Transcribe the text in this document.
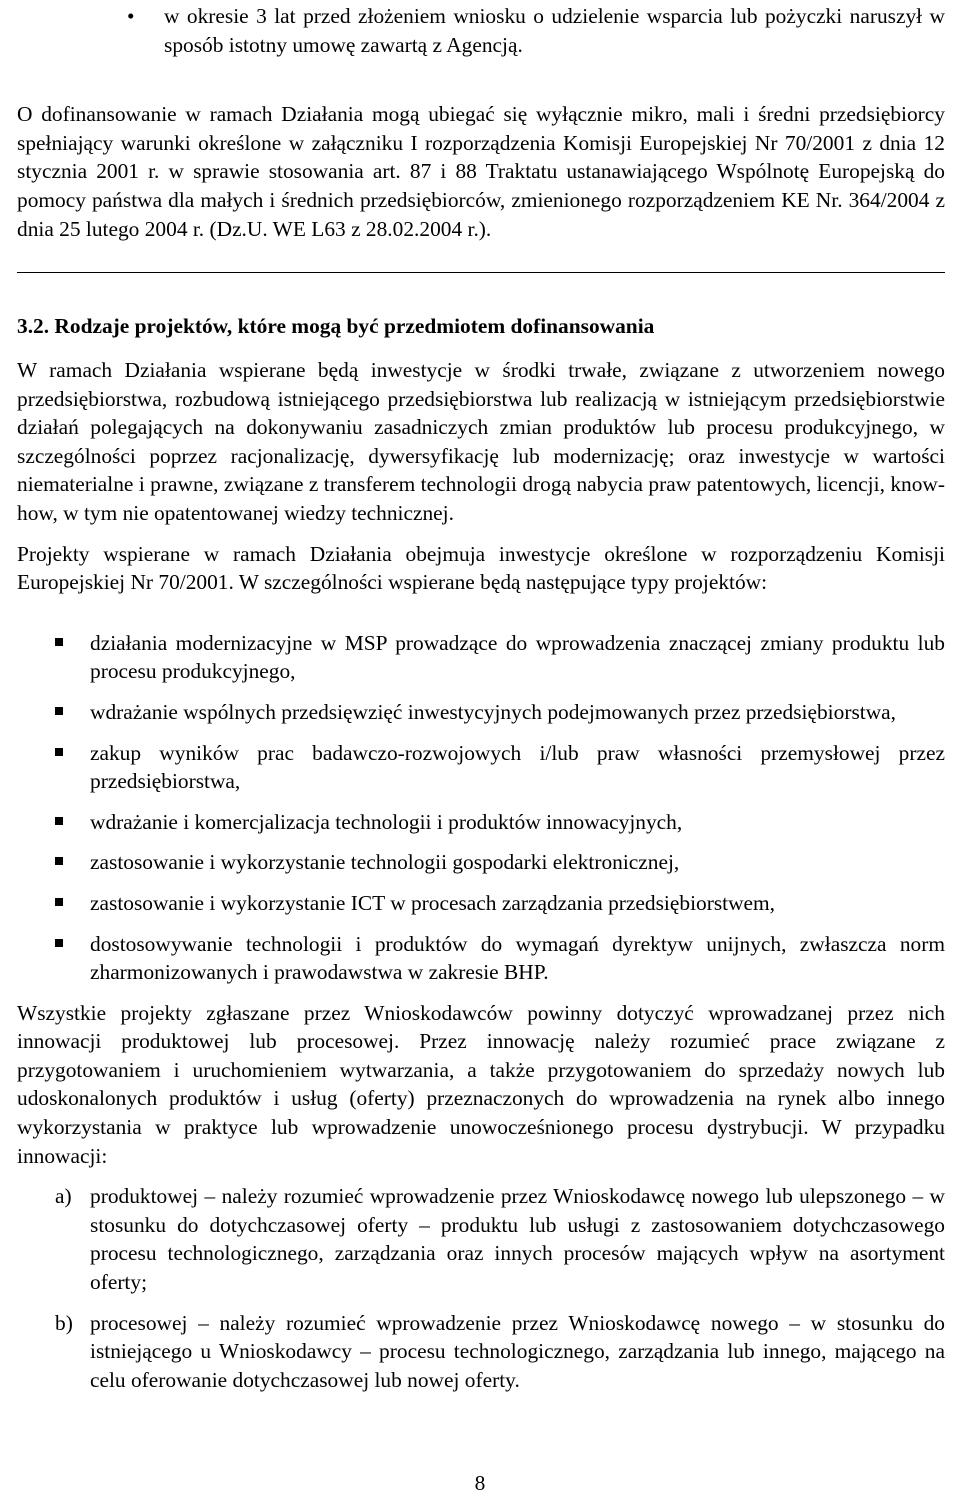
• w okresie 3 lat przed złożeniem wniosku o udzielenie wsparcia lub pożyczki naruszył w sposób istotny umowę zawartą z Agencją.

O dofinansowanie w ramach Działania mogą ubiegać się wyłącznie mikro, mali i średni przedsiębiorcy spełniający warunki określone w załączniku I rozporządzenia Komisji Europejskiej Nr 70/2001 z dnia 12 stycznia 2001 r. w sprawie stosowania art. 87 i 88 Traktatu ustanawiającego Wspólnotę Europejską do pomocy państwa dla małych i średnich przedsiębiorców, zmienionego rozporządzeniem KE Nr. 364/2004 z dnia 25 lutego 2004 r. (Dz.U. WE L63 z 28.02.2004 r.).

3.2. Rodzaje projektów, które mogą być przedmiotem dofinansowania

W ramach Działania wspierane będą inwestycje w środki trwałe, związane z utworzeniem nowego przedsiębiorstwa, rozbudową istniejącego przedsiębiorstwa lub realizacją w istniejącym przedsiębiorstwie działań polegających na dokonywaniu zasadniczych zmian produktów lub procesu produkcyjnego, w szczególności poprzez racjonalizację, dywersyfikację lub modernizację; oraz inwestycje w wartości niematerialne i prawne, związane z transferem technologii drogą nabycia praw patentowych, licencji, know-how, w tym nie opatentowanej wiedzy technicznej.

Projekty wspierane w ramach Działania obejmuja inwestycje określone w rozporządzeniu Komisji Europejskiej Nr 70/2001. W szczególności wspierane będą następujące typy projektów:

działania modernizacyjne w MSP prowadzące do wprowadzenia znaczącej zmiany produktu lub procesu produkcyjnego,
wdrażanie wspólnych przedsięwzięć inwestycyjnych podejmowanych przez przedsiębiorstwa,
zakup wyników prac badawczo-rozwojowych i/lub praw własności przemysłowej przez przedsiębiorstwa,
wdrażanie i komercjalizacja technologii i produktów innowacyjnych,
zastosowanie i wykorzystanie technologii gospodarki elektronicznej,
zastosowanie i wykorzystanie ICT w procesach zarządzania przedsiębiorstwem,
dostosowywanie technologii i produktów do wymagań dyrektyw unijnych, zwłaszcza norm zharmonizowanych i prawodawstwa w zakresie BHP.

Wszystkie projekty zgłaszane przez Wnioskodawców powinny dotyczyć wprowadzanej przez nich innowacji produktowej lub procesowej. Przez innowację należy rozumieć prace związane z przygotowaniem i uruchomieniem wytwarzania, a także przygotowaniem do sprzedaży nowych lub udoskonalonych produktów i usług (oferty) przeznaczonych do wprowadzenia na rynek albo innego wykorzystania w praktyce lub wprowadzenie unowocześnionego procesu dystrybucji. W przypadku innowacji:

a) produktowej – należy rozumieć wprowadzenie przez Wnioskodawcę nowego lub ulepszonego – w stosunku do dotychczasowej oferty – produktu lub usługi z zastosowaniem dotychczasowego procesu technologicznego, zarządzania oraz innych procesów mających wpływ na asortyment oferty;
b) procesowej – należy rozumieć wprowadzenie przez Wnioskodawcę nowego – w stosunku do istniejącego u Wnioskodawcy – procesu technologicznego, zarządzania lub innego, mającego na celu oferowanie dotychczasowej lub nowej oferty.
8
